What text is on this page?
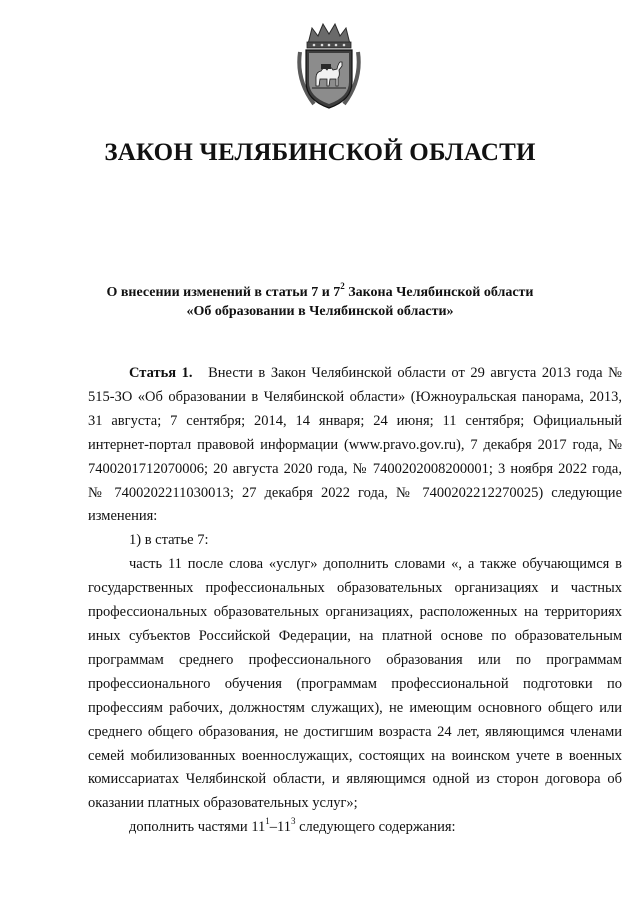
ЗАКОН ЧЕЛЯБИНСКОЙ ОБЛАСТИ
О внесении изменений в статьи 7 и $7^2$ Закона Челябинской области
«Об образовании в Челябинской области»

Статья 1. Внести в Закон Челябинской области от 29 августа 2013 года № 515-ЗО «Об образовании в Челябинской области» (Южноуральская панорама, 2013, 31 августа; 7 сентября; 2014, 14 января; 24 июня; 11 сентября; Официальный интернет-портал правовой информации (www.pravo.gov.ru), 7 декабря 2017 года, № 7400201712070006; 20 августа 2020 года, № 7400202008200001; 3 ноября 2022 года, № 7400202211030013; 27 декабря 2022 года, № 7400202212270025) следующие изменения:

1) в статье 7:

часть 11 после слова «услуг» дополнить словами «, а также обучающимся в государственных профессиональных образовательных организациях и частных профессиональных образовательных организациях, расположенных на территориях иных субъектов Российской Федерации, на платной основе по образовательным программам среднего профессионального образования или по программам профессионального обучения (программам профессиональной подготовки по профессиям рабочих, должностям служащих), не имеющим основного общего или среднего общего образования, не достигшим возраста 24 лет, являющимся членами семей мобилизованных военнослужащих, состоящих на воинском учете в военных комиссариатах Челябинской области, и являющимся одной из сторон договора об оказании платных образовательных услуг»;

дополнить частями $11^1-11^3$ следующего содержания:
